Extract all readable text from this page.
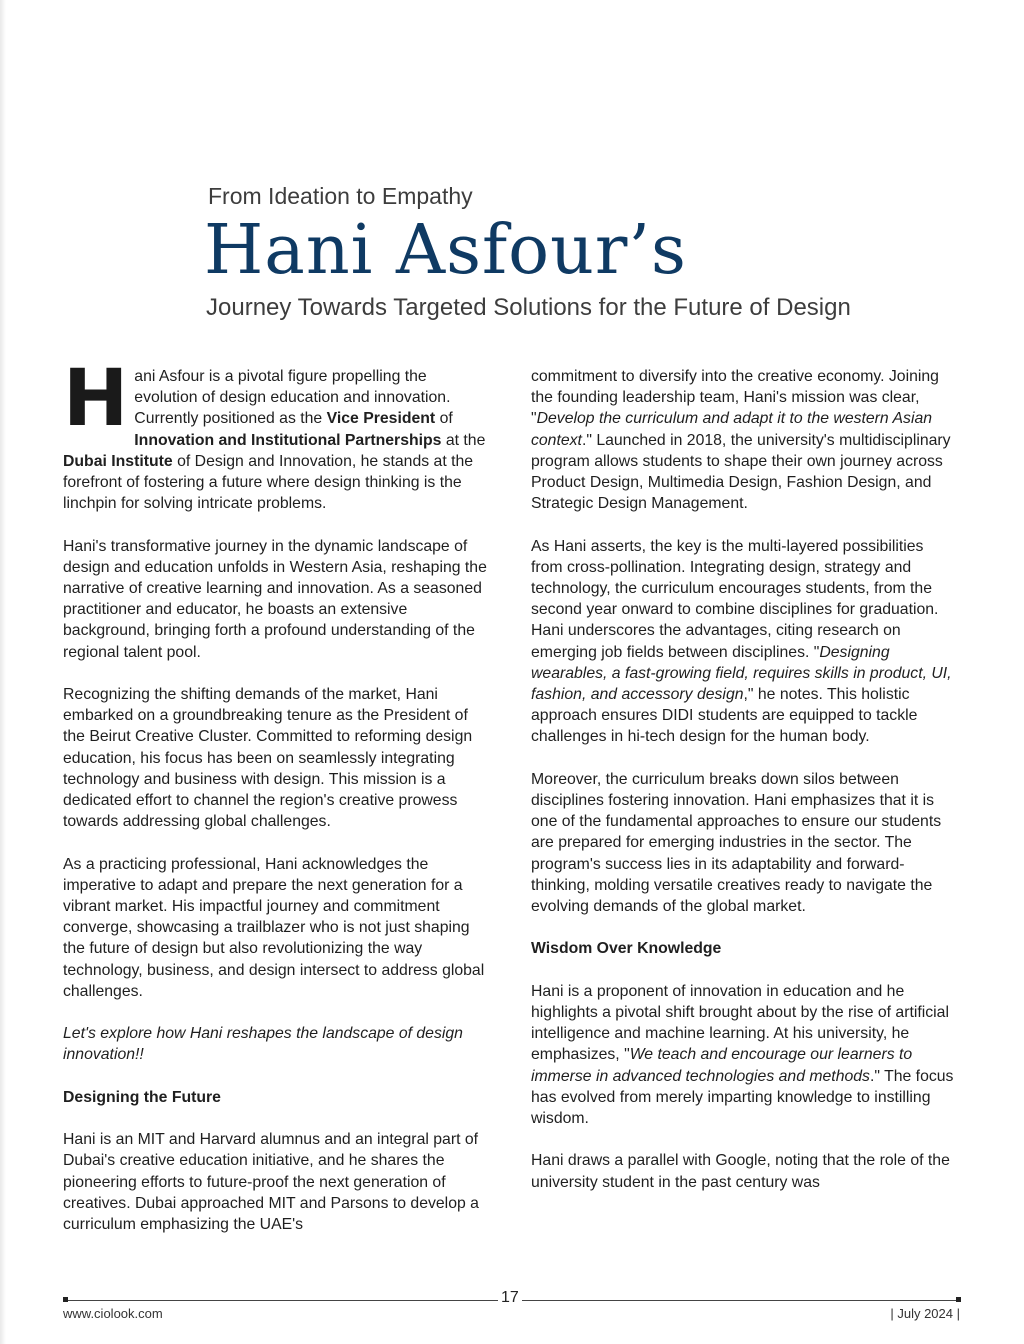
From Ideation to Empathy
Hani Asfour’s
Journey Towards Targeted Solutions for the Future of Design

Hani Asfour is a pivotal figure propelling the evolution of design education and innovation. Currently positioned as the Vice President of Innovation and Institutional Partnerships at the Dubai Institute of Design and Innovation, he stands at the forefront of fostering a future where design thinking is the linchpin for solving intricate problems.

Hani's transformative journey in the dynamic landscape of design and education unfolds in Western Asia, reshaping the narrative of creative learning and innovation. As a seasoned practitioner and educator, he boasts an extensive background, bringing forth a profound understanding of the regional talent pool.

Recognizing the shifting demands of the market, Hani embarked on a groundbreaking tenure as the President of the Beirut Creative Cluster. Committed to reforming design education, his focus has been on seamlessly integrating technology and business with design. This mission is a dedicated effort to channel the region's creative prowess towards addressing global challenges.

As a practicing professional, Hani acknowledges the imperative to adapt and prepare the next generation for a vibrant market. His impactful journey and commitment converge, showcasing a trailblazer who is not just shaping the future of design but also revolutionizing the way technology, business, and design intersect to address global challenges.

Let's explore how Hani reshapes the landscape of design innovation!!

Designing the Future

Hani is an MIT and Harvard alumnus and an integral part of Dubai's creative education initiative, and he shares the pioneering efforts to future-proof the next generation of creatives. Dubai approached MIT and Parsons to develop a curriculum emphasizing the UAE's

commitment to diversify into the creative economy. Joining the founding leadership team, Hani's mission was clear, "Develop the curriculum and adapt it to the western Asian context." Launched in 2018, the university's multidisciplinary program allows students to shape their own journey across Product Design, Multimedia Design, Fashion Design, and Strategic Design Management.

As Hani asserts, the key is the multi-layered possibilities from cross-pollination. Integrating design, strategy and technology, the curriculum encourages students, from the second year onward to combine disciplines for graduation. Hani underscores the advantages, citing research on emerging job fields between disciplines. "Designing wearables, a fast-growing field, requires skills in product, UI, fashion, and accessory design," he notes. This holistic approach ensures DIDI students are equipped to tackle challenges in hi-tech design for the human body.

Moreover, the curriculum breaks down silos between disciplines fostering innovation. Hani emphasizes that it is one of the fundamental approaches to ensure our students are prepared for emerging industries in the sector. The program's success lies in its adaptability and forward-thinking, molding versatile creatives ready to navigate the evolving demands of the global market.

Wisdom Over Knowledge

Hani is a proponent of innovation in education and he highlights a pivotal shift brought about by the rise of artificial intelligence and machine learning. At his university, he emphasizes, "We teach and encourage our learners to immerse in advanced technologies and methods." The focus has evolved from merely imparting knowledge to instilling wisdom.

Hani draws a parallel with Google, noting that the role of the university student in the past century was

17
www.ciolook.com	| July 2024 |
